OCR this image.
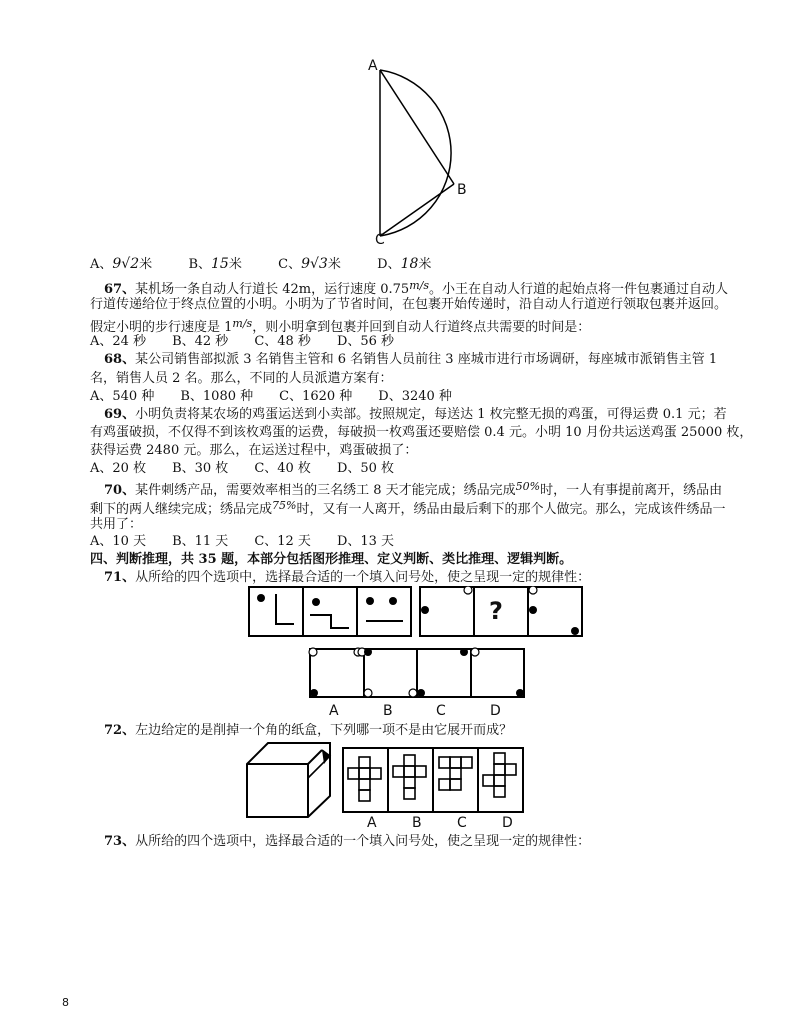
A
B
C
A、9√2米	B、15米	C、9√3米	D、18米
67、某机场一条自动人行道长 42m，运行速度 $0.75^{m/s}$。小王在自动人行道的起始点将一件包裹通过自动人
行道传递给位于终点位置的小明。小明为了节省时间，在包裹开始传递时，沿自动人行道逆行领取包裹并返回。
假定小明的步行速度是 $1^{m/s}$，则小明拿到包裹并回到自动人行道终点共需要的时间是：
A、24 秒 B、42 秒 C、48 秒 D、56 秒
68、某公司销售部拟派 3 名销售主管和 6 名销售人员前往 3 座城市进行市场调研，每座城市派销售主管 1
名，销售人员 2 名。那么，不同的人员派遣方案有：
A、540 种 B、1080 种 C、1620 种 D、3240 种
69、小明负责将某农场的鸡蛋运送到小卖部。按照规定，每送达 1 枚完整无损的鸡蛋，可得运费 0.1 元；若
有鸡蛋破损，不仅得不到该枚鸡蛋的运费，每破损一枚鸡蛋还要赔偿 0.4 元。小明 10 月份共运送鸡蛋 25000 枚，
获得运费 2480 元。那么，在运送过程中，鸡蛋破损了：
A、20 枚 B、30 枚 C、40 枚 D、50 枚
70、某件刺绣产品，需要效率相当的三名绣工 8 天才能完成；绣品完成$^{50\%}$时，一人有事提前离开，绣品由
剩下的两人继续完成；绣品完成$^{75\%}$时，又有一人离开，绣品由最后剩下的那个人做完。那么，完成该件绣品一
共用了：
A、10 天 B、11 天 C、12 天 D、13 天
四、判断推理，共 35 题，本部分包括图形推理、定义判断、类比推理、逻辑判断。
71、从所给的四个选项中，选择最合适的一个填入问号处，使之呈现一定的规律性：
?
A	B	C	D
72、左边给定的是削掉一个角的纸盒，下列哪一项不是由它展开而成？
A	B	C	D
73、从所给的四个选项中，选择最合适的一个填入问号处，使之呈现一定的规律性：
8
